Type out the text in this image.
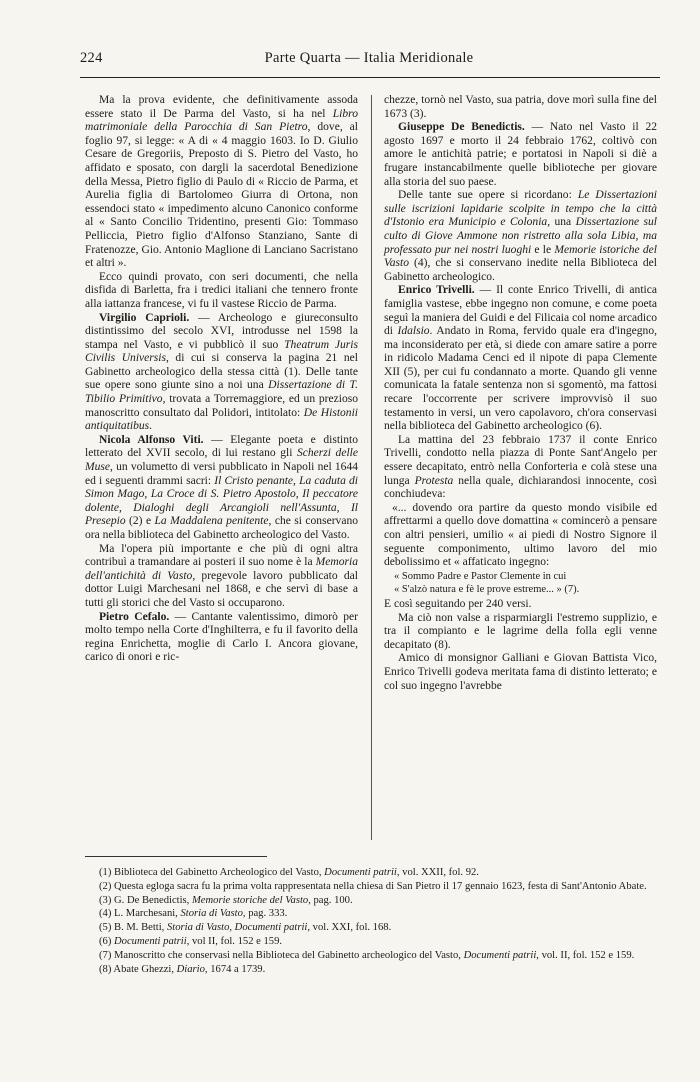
224	Parte Quarta — Italia Meridionale

Ma la prova evidente, che definitivamente assoda essere stato il De Parma del Vasto, si ha nel Libro matrimoniale della Parocchia di San Pietro, dove, al foglio 97, si legge: « A di « 4 maggio 1603. Io D. Giulio Cesare de Gregoriis, Preposto di S. Pietro del Vasto, ho affidato e sposato, con dargli la sacerdotal Benedizione della Messa, Pietro figlio di Paulo di « Riccio de Parma, et Aurelia figlia di Bartolomeo Giurra di Ortona, non essendoci stato « impedimento alcuno Canonico conforme al « Santo Concilio Tridentino, presenti Gio: Tommaso Pelliccia, Pietro figlio d'Alfonso Stanziano, Sante di Fratenozze, Gio. Antonio Maglione di Lanciano Sacristano et altri ».

Ecco quindi provato, con seri documenti, che nella disfida di Barletta, fra i tredici italiani che tennero fronte alla iattanza francese, vi fu il vastese Riccio de Parma.

Virgilio Caprioli. — Archeologo e giureconsulto distintissimo del secolo XVI, introdusse nel 1598 la stampa nel Vasto, e vi pubblicò il suo Theatrum Juris Civilis Universis, di cui si conserva la pagina 21 nel Gabinetto archeologico della stessa città (1). Delle tante sue opere sono giunte sino a noi una Dissertazione di T. Tibilio Primitivo, trovata a Torremaggiore, ed un prezioso manoscritto consultato dal Polidori, intitolato: De Histonii antiquitatibus.

Nicola Alfonso Viti. — Elegante poeta e distinto letterato del XVII secolo, di lui restano gli Scherzi delle Muse, un volumetto di versi pubblicato in Napoli nel 1644 ed i seguenti drammi sacri: Il Cristo penante, La caduta di Simon Mago, La Croce di S. Pietro Apostolo, Il peccatore dolente, Dialoghi degli Arcangioli nell'Assunta, Il Presepio (2) e La Maddalena penitente, che si conservano ora nella biblioteca del Gabinetto archeologico del Vasto.

Ma l'opera più importante e che più di ogni altra contribuì a tramandare ai posteri il suo nome è la Memoria dell'antichità di Vasto, pregevole lavoro pubblicato dal dottor Luigi Marchesani nel 1868, e che servì di base a tutti gli storici che del Vasto si occuparono.

Pietro Cefalo. — Cantante valentissimo, dimorò per molto tempo nella Corte d'Inghilterra, e fu il favorito della regina Enrichetta, moglie di Carlo I. Ancora giovane, carico di onori e ric-

chezze, tornò nel Vasto, sua patria, dove morì sulla fine del 1673 (3).

Giuseppe De Benedictis. — Nato nel Vasto il 22 agosto 1697 e morto il 24 febbraio 1762, coltivò con amore le antichità patrie; e portatosi in Napoli si diè a frugare instancabilmente quelle biblioteche per giovare alla storia del suo paese.

Delle tante sue opere si ricordano: Le Dissertazioni sulle iscrizioni lapidarie scolpite in tempo che la città d'Istonio era Municipio e Colonia, una Dissertazione sul culto di Giove Ammone non ristretto alla sola Libia, ma professato pur nei nostri luoghi e le Memorie istoriche del Vasto (4), che si conservano inedite nella Biblioteca del Gabinetto archeologico.

Enrico Trivelli. — Il conte Enrico Trivelli, di antica famiglia vastese, ebbe ingegno non comune, e come poeta seguì la maniera del Guidi e del Filicaia col nome arcadico di Idalsio. Andato in Roma, fervido quale era d'ingegno, ma inconsiderato per età, si diede con amare satire a porre in ridicolo Madama Cenci ed il nipote di papa Clemente XII (5), per cui fu condannato a morte. Quando gli venne comunicata la fatale sentenza non si sgomentò, ma fattosi recare l'occorrente per scrivere improvvisò il suo testamento in versi, un vero capolavoro, ch'ora conservasi nella biblioteca del Gabinetto archeologico (6).

La mattina del 23 febbraio 1737 il conte Enrico Trivelli, condotto nella piazza di Ponte Sant'Angelo per essere decapitato, entrò nella Conforteria e colà stese una lunga Protesta nella quale, dichiarandosi innocente, così conchiudeva:

«... dovendo ora partire da questo mondo visibile ed affrettarmi a quello dove domattina « comincerò a pensare con altri pensieri, umilio « ai piedi di Nostro Signore il seguente componimento, ultimo lavoro del mio debolissimo et « affaticato ingegno:

« Sommo Padre e Pastor Clemente in cui

« S'alzò natura e fè le prove estreme... » (7).

E così seguitando per 240 versi.

Ma ciò non valse a risparmiargli l'estremo supplizio, e tra il compianto e le lagrime della folla egli venne decapitato (8).

Amico di monsignor Galliani e Giovan Battista Vico, Enrico Trivelli godeva meritata fama di distinto letterato; e col suo ingegno l'avrebbe

(1) Biblioteca del Gabinetto Archeologico del Vasto, Documenti patrii, vol. XXII, fol. 92.

(2) Questa egloga sacra fu la prima volta rappresentata nella chiesa di San Pietro il 17 gennaio 1623, festa di Sant'Antonio Abate.

(3) G. De Benedictis, Memorie storiche del Vasto, pag. 100.

(4) L. Marchesani, Storia di Vasto, pag. 333.

(5) B. M. Betti, Storia di Vasto, Documenti patrii, vol. XXI, fol. 168.

(6) Documenti patrii, vol II, fol. 152 e 159.

(7) Manoscritto che conservasi nella Biblioteca del Gabinetto archeologico del Vasto, Documenti patrii, vol. II, fol. 152 e 159.

(8) Abate Ghezzi, Diario, 1674 a 1739.
